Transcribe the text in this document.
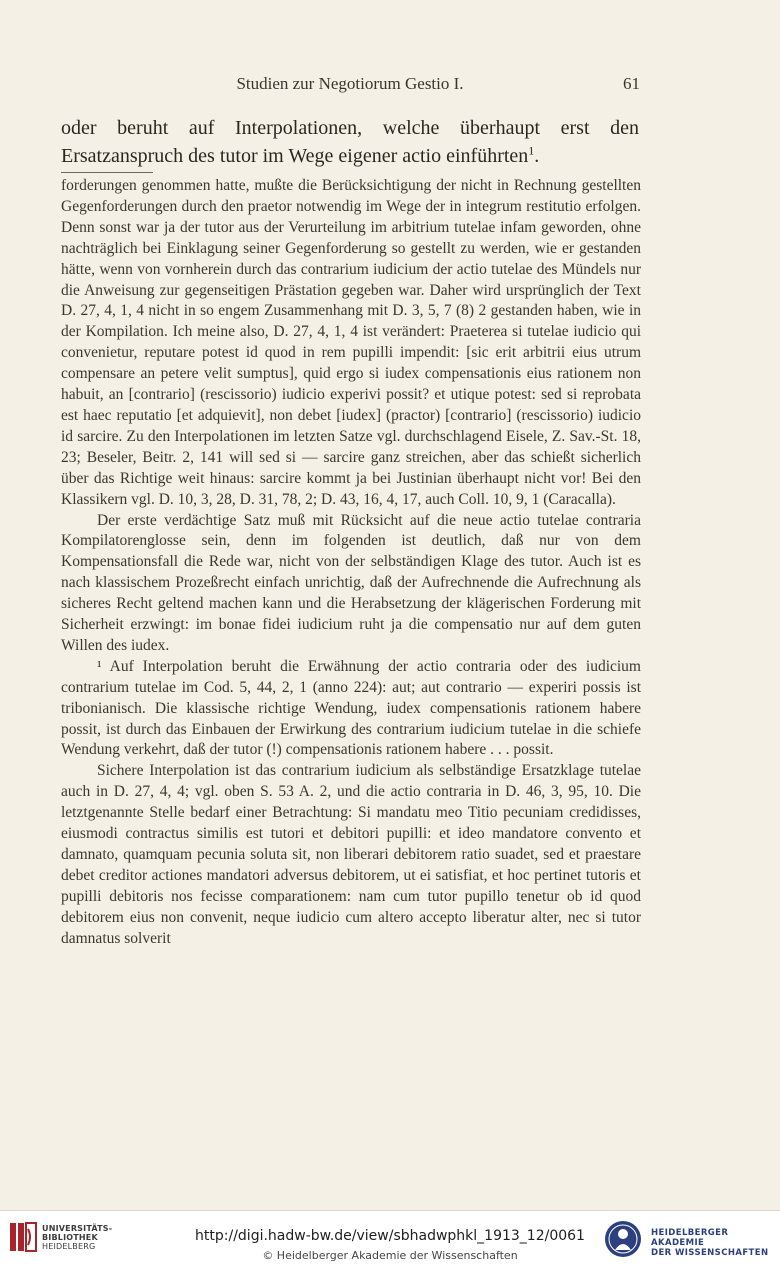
Studien zur Negotiorum Gestio I.	61
oder beruht auf Interpolationen, welche überhaupt erst den Ersatzanspruch des tutor im Wege eigener actio einführten$^1$.

forderungen genommen hatte, mußte die Berücksichtigung der nicht in Rechnung gestellten Gegenforderungen durch den praetor notwendig im Wege der in integrum restitutio erfolgen. Denn sonst war ja der tutor aus der Verurteilung im arbitrium tutelae infam geworden, ohne nachträglich bei Einklagung seiner Gegenforderung so gestellt zu werden, wie er gestanden hätte, wenn von vornherein durch das contrarium iudicium der actio tutelae des Mündels nur die Anweisung zur gegenseitigen Prästation gegeben war. Daher wird ursprünglich der Text D. 27, 4, 1, 4 nicht in so engem Zusammenhang mit D. 3, 5, 7 (8) 2 gestanden haben, wie in der Kompilation. Ich meine also, D. 27, 4, 1, 4 ist verändert: Praeterea si tutelae iudicio qui convenietur, reputare potest id quod in rem pupilli impendit: [sic erit arbitrii eius utrum compensare an petere velit sumptus], quid ergo si iudex compensationis eius rationem non habuit, an [contrario] (rescissorio) iudicio experivi possit? et utique potest: sed si reprobata est haec reputatio [et adquievit], non debet [iudex] (practor) [contrario] (rescissorio) iudicio id sarcire. Zu den Interpolationen im letzten Satze vgl. durchschlagend Eisele, Z. Sav.-St. 18, 23; Beseler, Beitr. 2, 141 will sed si — sarcire ganz streichen, aber das schießt sicherlich über das Richtige weit hinaus: sarcire kommt ja bei Justinian überhaupt nicht vor! Bei den Klassikern vgl. D. 10, 3, 28, D. 31, 78, 2; D. 43, 16, 4, 17, auch Coll. 10, 9, 1 (Caracalla).

Der erste verdächtige Satz muß mit Rücksicht auf die neue actio tutelae contraria Kompilatorenglosse sein, denn im folgenden ist deutlich, daß nur von dem Kompensationsfall die Rede war, nicht von der selbständigen Klage des tutor. Auch ist es nach klassischem Prozeßrecht einfach unrichtig, daß der Aufrechnende die Aufrechnung als sicheres Recht geltend machen kann und die Herabsetzung der klägerischen Forderung mit Sicherheit erzwingt: im bonae fidei iudicium ruht ja die compensatio nur auf dem guten Willen des iudex.

¹ Auf Interpolation beruht die Erwähnung der actio contraria oder des iudicium contrarium tutelae im Cod. 5, 44, 2, 1 (anno 224): aut; aut contrario — experiri possis ist tribonianisch. Die klassische richtige Wendung, iudex compensationis rationem habere possit, ist durch das Einbauen der Erwirkung des contrarium iudicium tutelae in die schiefe Wendung verkehrt, daß der tutor (!) compensationis rationem habere . . . possit.

Sichere Interpolation ist das contrarium iudicium als selbständige Ersatzklage tutelae auch in D. 27, 4, 4; vgl. oben S. 53 A. 2, und die actio contraria in D. 46, 3, 95, 10. Die letztgenannte Stelle bedarf einer Betrachtung: Si mandatu meo Titio pecuniam credidisses, eiusmodi contractus similis est tutori et debitori pupilli: et ideo mandatore convento et damnato, quamquam pecunia soluta sit, non liberari debitorem ratio suadet, sed et praestare debet creditor actiones mandatori adversus debitorem, ut ei satisfiat, et hoc pertinet tutoris et pupilli debitoris nos fecisse comparationem: nam cum tutor pupillo tenetur ob id quod debitorem eius non convenit, neque iudicio cum altero accepto liberatur alter, nec si tutor damnatus solverit

UNIVERSITÄTS-
BIBLIOTHEK
HEIDELBERG
http://digi.hadw-bw.de/view/sbhadwphkl_1913_12/0061
© Heidelberger Akademie der Wissenschaften
HEIDELBERGER AKADEMIE
DER WISSENSCHAFTEN
